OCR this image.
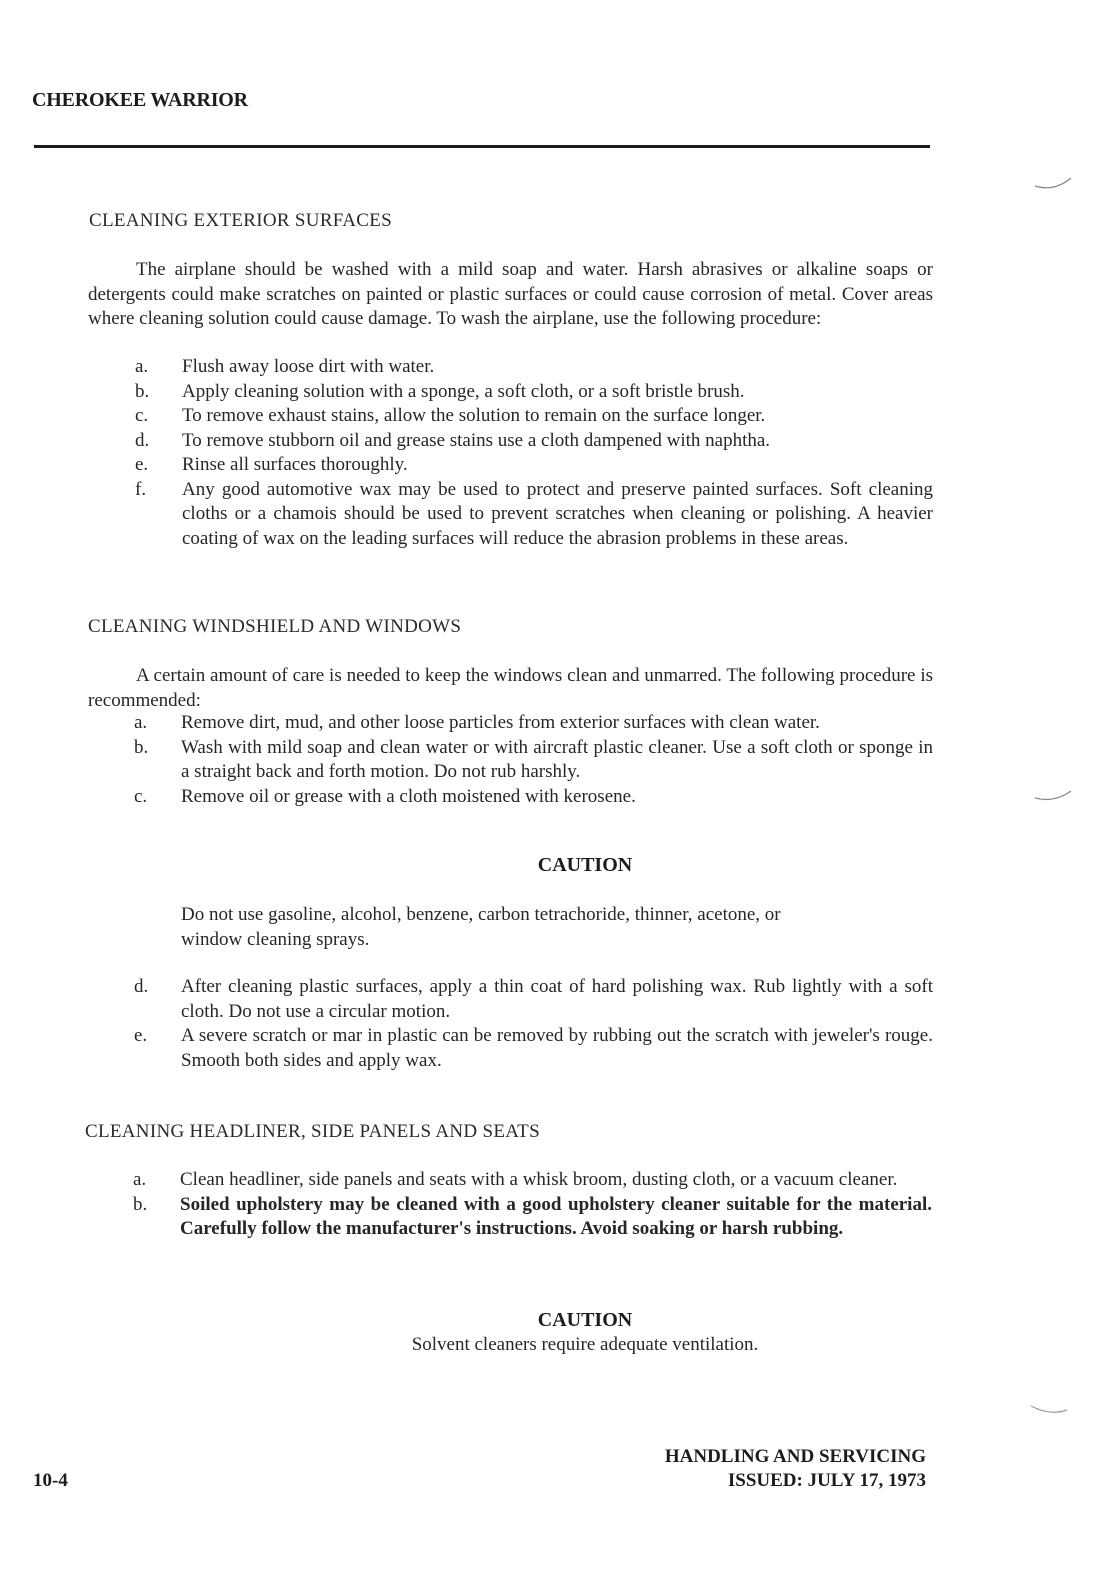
CHEROKEE WARRIOR
CLEANING EXTERIOR SURFACES
The airplane should be washed with a mild soap and water. Harsh abrasives or alkaline soaps or detergents could make scratches on painted or plastic surfaces or could cause corrosion of metal. Cover areas where cleaning solution could cause damage. To wash the airplane, use the following procedure:
a.	Flush away loose dirt with water.
b.	Apply cleaning solution with a sponge, a soft cloth, or a soft bristle brush.
c.	To remove exhaust stains, allow the solution to remain on the surface longer.
d.	To remove stubborn oil and grease stains use a cloth dampened with naphtha.
e.	Rinse all surfaces thoroughly.
f.	Any good automotive wax may be used to protect and preserve painted surfaces. Soft cleaning cloths or a chamois should be used to prevent scratches when cleaning or polishing. A heavier coating of wax on the leading surfaces will reduce the abrasion problems in these areas.
CLEANING WINDSHIELD AND WINDOWS
A certain amount of care is needed to keep the windows clean and unmarred. The following procedure is recommended:
a.	Remove dirt, mud, and other loose particles from exterior surfaces with clean water.
b.	Wash with mild soap and clean water or with aircraft plastic cleaner. Use a soft cloth or sponge in a straight back and forth motion. Do not rub harshly.
c.	Remove oil or grease with a cloth moistened with kerosene.
CAUTION
Do not use gasoline, alcohol, benzene, carbon tetrachoride, thinner, acetone, or window cleaning sprays.
d.	After cleaning plastic surfaces, apply a thin coat of hard polishing wax. Rub lightly with a soft cloth. Do not use a circular motion.
e.	A severe scratch or mar in plastic can be removed by rubbing out the scratch with jeweler's rouge. Smooth both sides and apply wax.
CLEANING HEADLINER, SIDE PANELS AND SEATS
a.	Clean headliner, side panels and seats with a whisk broom, dusting cloth, or a vacuum cleaner.
b.	Soiled upholstery may be cleaned with a good upholstery cleaner suitable for the material. Carefully follow the manufacturer's instructions. Avoid soaking or harsh rubbing.
CAUTION
Solvent cleaners require adequate ventilation.
HANDLING AND SERVICING
ISSUED: JULY 17, 1973
10-4
